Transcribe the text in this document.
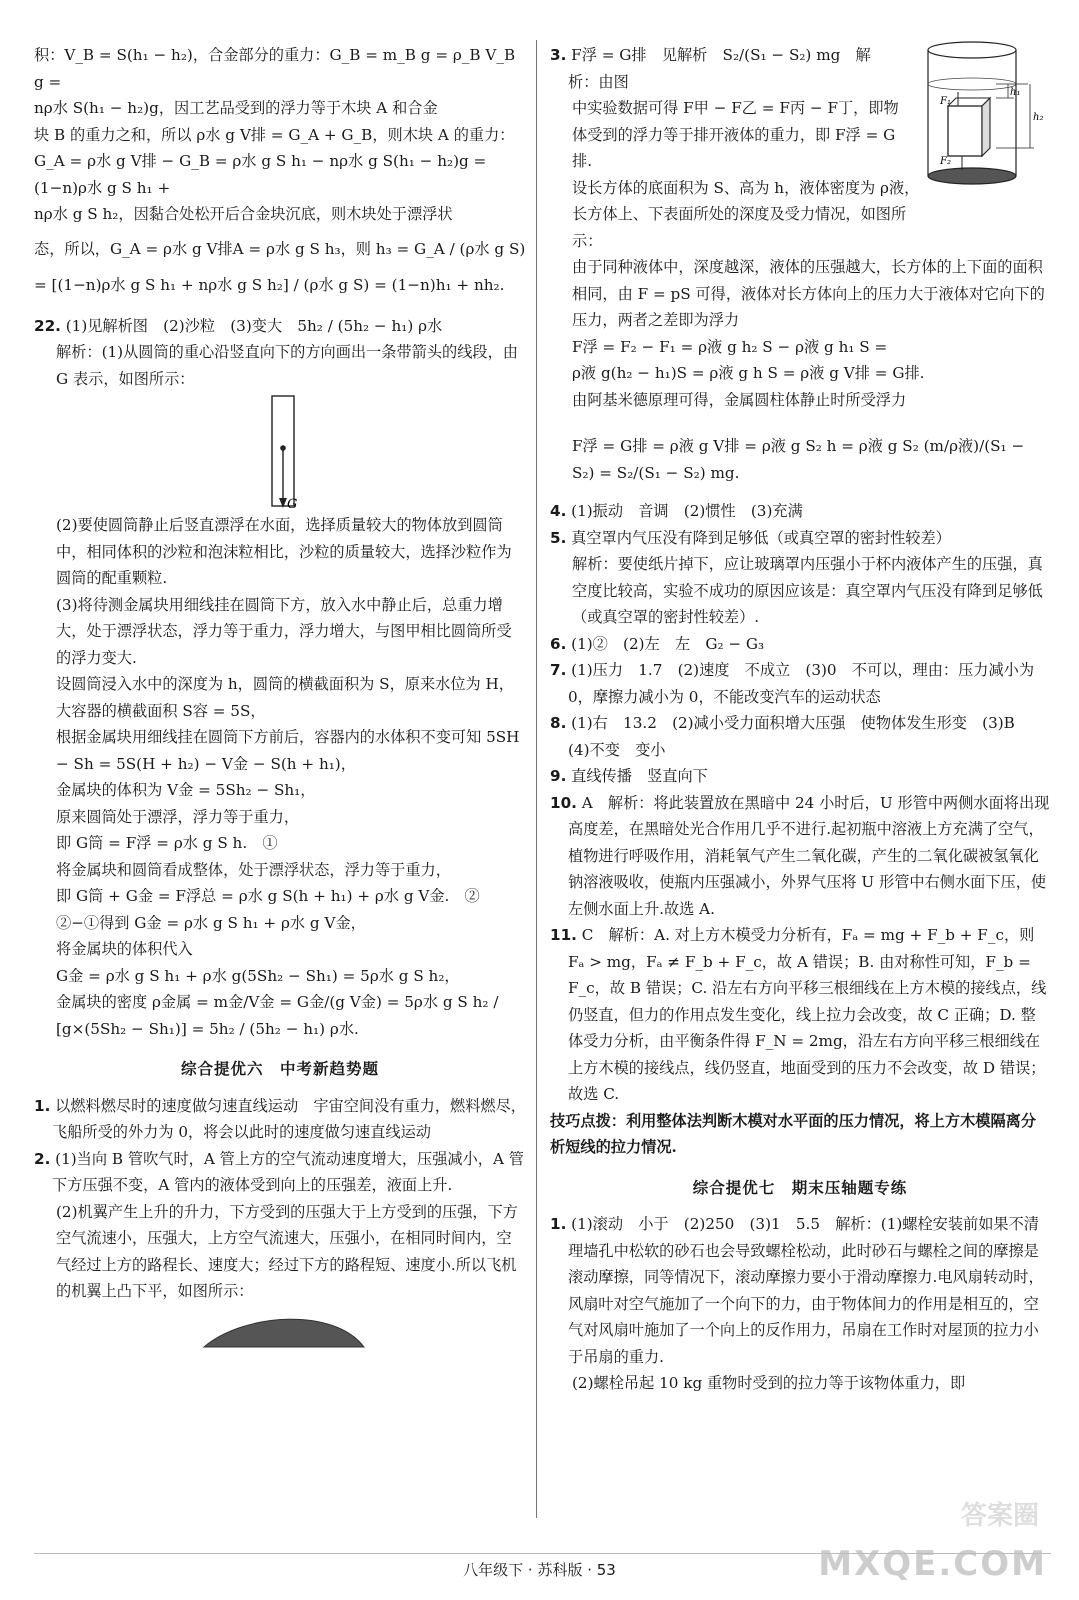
积：V_B = S(h₁ − h₂)，合金部分的重力：G_B = m_B g = ρ_B V_B g =

nρ水 S(h₁ − h₂)g，因工艺品受到的浮力等于木块 A 和合金

块 B 的重力之和，所以 ρ水 g V排 = G_A + G_B，则木块 A 的重力：

G_A = ρ水 g V排 − G_B = ρ水 g S h₁ − nρ水 g S(h₁ − h₂)g = (1−n)ρ水 g S h₁ +

nρ水 g S h₂，因黏合处松开后合金块沉底，则木块处于漂浮状

态，所以，G_A = ρ水 g V排A = ρ水 g S h₃，则 h₃ = G_A / (ρ水 g S)

= [(1−n)ρ水 g S h₁ + nρ水 g S h₂] / (ρ水 g S) = (1−n)h₁ + nh₂.

22. (1)见解析图　(2)沙粒　(3)变大　5h₂ / (5h₂ − h₁) ρ水

解析：(1)从圆筒的重心沿竖直向下的方向画出一条带箭头的线段，由 G 表示，如图所示：

G

(2)要使圆筒静止后竖直漂浮在水面，选择质量较大的物体放到圆筒中，相同体积的沙粒和泡沫粒相比，沙粒的质量较大，选择沙粒作为圆筒的配重颗粒.

(3)将待测金属块用细线挂在圆筒下方，放入水中静止后，总重力增大，处于漂浮状态，浮力等于重力，浮力增大，与图甲相比圆筒所受的浮力变大.

设圆筒浸入水中的深度为 h，圆筒的横截面积为 S，原来水位为 H，大容器的横截面积 S容 = 5S，

根据金属块用细线挂在圆筒下方前后，容器内的水体积不变可知 5SH − Sh = 5S(H + h₂) − V金 − S(h + h₁)，

金属块的体积为 V金 = 5Sh₂ − Sh₁，

原来圆筒处于漂浮，浮力等于重力，

即 G筒 = F浮 = ρ水 g S h.　①

将金属块和圆筒看成整体，处于漂浮状态，浮力等于重力，

即 G筒 + G金 = F浮总 = ρ水 g S(h + h₁) + ρ水 g V金.　②

②−①得到 G金 = ρ水 g S h₁ + ρ水 g V金，

将金属块的体积代入

G金 = ρ水 g S h₁ + ρ水 g(5Sh₂ − Sh₁) = 5ρ水 g S h₂，

金属块的密度 ρ金属 = m金/V金 = G金/(g V金) = 5ρ水 g S h₂ / [g×(5Sh₂ − Sh₁)] = 5h₂ / (5h₂ − h₁) ρ水.

综合提优六　中考新趋势题

1. 以燃料燃尽时的速度做匀速直线运动　宇宙空间没有重力，燃料燃尽，飞船所受的外力为 0，将会以此时的速度做匀速直线运动

2. (1)当向 B 管吹气时，A 管上方的空气流动速度增大，压强减小，A 管下方压强不变，A 管内的液体受到向上的压强差，液面上升.

(2)机翼产生上升的升力，下方受到的压强大于上方受到的压强，下方空气流速小，压强大，上方空气流速大，压强小，在相同时间内，空气经过上方的路程长、速度大；经过下方的路程短、速度小.所以飞机的机翼上凸下平，如图所示：

F₁
F₂
h₁
h₂

3. F浮 = G排　见解析　S₂/(S₁ − S₂) mg　解析：由图

中实验数据可得 F甲 − F乙 = F丙 − F丁，即物体受到的浮力等于排开液体的重力，即 F浮 = G排.

设长方体的底面积为 S、高为 h，液体密度为 ρ液，长方体上、下表面所处的深度及受力情况，如图所示：

由于同种液体中，深度越深，液体的压强越大，长方体的上下面的面积相同，由 F = pS 可得，液体对长方体向上的压力大于液体对它向下的压力，两者之差即为浮力

F浮 = F₂ − F₁ = ρ液 g h₂ S − ρ液 g h₁ S =

ρ液 g(h₂ − h₁)S = ρ液 g h S = ρ液 g V排 = G排.

由阿基米德原理可得，金属圆柱体静止时所受浮力

F浮 = G排 = ρ液 g V排 = ρ液 g S₂ h = ρ液 g S₂ (m/ρ液)/(S₁ − S₂) = S₂/(S₁ − S₂) mg.

4. (1)振动　音调　(2)惯性　(3)充满

5. 真空罩内气压没有降到足够低（或真空罩的密封性较差）

解析：要使纸片掉下，应让玻璃罩内压强小于杯内液体产生的压强，真空度比较高，实验不成功的原因应该是：真空罩内气压没有降到足够低（或真空罩的密封性较差）.

6. (1)②　(2)左　左　G₂ − G₃

7. (1)压力　1.7　(2)速度　不成立　(3)0　不可以，理由：压力减小为 0，摩擦力减小为 0，不能改变汽车的运动状态

8. (1)右　13.2　(2)减小受力面积增大压强　使物体发生形变　(3)B　(4)不变　变小

9. 直线传播　竖直向下

10. A　解析：将此装置放在黑暗中 24 小时后，U 形管中两侧水面将出现高度差，在黑暗处光合作用几乎不进行.起初瓶中溶液上方充满了空气，植物进行呼吸作用，消耗氧气产生二氧化碳，产生的二氧化碳被氢氧化钠溶液吸收，使瓶内压强减小，外界气压将 U 形管中右侧水面下压，使左侧水面上升.故选 A.

11. C　解析：A. 对上方木模受力分析有，Fₐ = mg + F_b + F_c，则 Fₐ > mg，Fₐ ≠ F_b + F_c，故 A 错误；B. 由对称性可知，F_b = F_c，故 B 错误；C. 沿左右方向平移三根细线在上方木模的接线点，线仍竖直，但力的作用点发生变化，线上拉力会改变，故 C 正确；D. 整体受力分析，由平衡条件得 F_N = 2mg，沿左右方向平移三根细线在上方木模的接线点，线仍竖直，地面受到的压力不会改变，故 D 错误；故选 C.

技巧点拨：利用整体法判断木模对水平面的压力情况，将上方木模隔离分析短线的拉力情况.

综合提优七　期末压轴题专练

1. (1)滚动　小于　(2)250　(3)1　5.5　解析：(1)螺栓安装前如果不清理墙孔中松软的砂石也会导致螺栓松动，此时砂石与螺栓之间的摩擦是滚动摩擦，同等情况下，滚动摩擦力要小于滑动摩擦力.电风扇转动时，风扇叶对空气施加了一个向下的力，由于物体间力的作用是相互的，空气对风扇叶施加了一个向上的反作用力，吊扇在工作时对屋顶的拉力小于吊扇的重力.

(2)螺栓吊起 10 kg 重物时受到的拉力等于该物体重力，即

八年级下 · 苏科版 · 53
答案圈
MXQE.COM
